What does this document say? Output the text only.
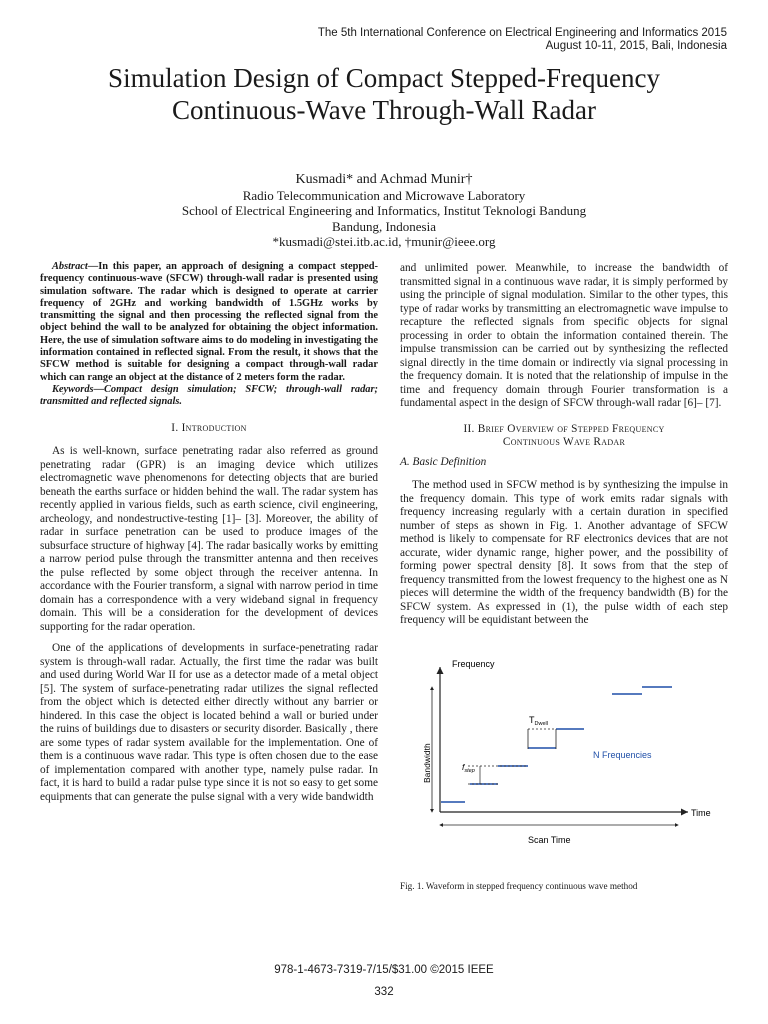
The 5th International Conference on Electrical Engineering and Informatics 2015
August 10-11, 2015, Bali, Indonesia
Simulation Design of Compact Stepped-Frequency
Continuous-Wave Through-Wall Radar
Kusmadi* and Achmad Munir†
Radio Telecommunication and Microwave Laboratory
School of Electrical Engineering and Informatics, Institut Teknologi Bandung
Bandung, Indonesia
*kusmadi@stei.itb.ac.id, †munir@ieee.org

Abstract—In this paper, an approach of designing a compact stepped-frequency continuous-wave (SFCW) through-wall radar is presented using simulation software. The radar which is designed to operate at carrier frequency of 2GHz and working bandwidth of 1.5GHz works by transmitting the signal and then processing the reflected signal from the object behind the wall to be analyzed for obtaining the object information. Here, the use of simulation software aims to do modeling in investigating the information contained in reflected signal. From the result, it shows that the SFCW method is suitable for designing a compact through-wall radar which can range an object at the distance of 2 meters form the radar.

Keywords—Compact design simulation; SFCW; through-wall radar; transmitted and reflected signals.

I. Introduction

As is well-known, surface penetrating radar also referred as ground penetrating radar (GPR) is an imaging device which utilizes electromagnetic wave phenomenons for detecting objects that are buried beneath the earths surface or hidden behind the wall. The radar system has recently applied in various fields, such as earth science, civil engineering, archeology, and nondestructive-testing [1]– [3]. Moreover, the ability of radar in surface penetration can be used to produce images of the subsurface structure of highway [4]. The radar basically works by emitting a narrow period pulse through the transmitter antenna and then receives the pulse reflected by some object through the receiver antenna. In accordance with the Fourier transform, a signal with narrow period in time domain has a correspondence with a very wideband signal in frequency domain. This will be a consideration for the development of devices supporting for the radar operation.

One of the applications of developments in surface-penetrating radar system is through-wall radar. Actually, the first time the radar was built and used during World War II for use as a detector made of a metal object [5]. The system of surface-penetrating radar utilizes the signal reflected from the object which is detected either directly without any barrier or hindered. In this case the object is located behind a wall or buried under the ruins of buildings due to disasters or security disorder. Basically , there are some types of radar system available for the implementation. One of them is a continuous wave radar. This type is often chosen due to the ease of implementation compared with another type, namely pulse radar. In fact, it is hard to build a radar pulse type since it is not so easy to get some equipments that can generate the pulse signal with a very wide bandwidth

and unlimited power. Meanwhile, to increase the bandwidth of transmitted signal in a continuous wave radar, it is simply performed by using the principle of signal modulation. Similar to the other types, this type of radar works by transmitting an electromagnetic wave impulse to recapture the reflected signals from specific objects for signal processing in order to obtain the information contained therein. The impulse transmission can be carried out by synthesizing the reflected signal directly in the time domain or indirectly via signal processing in the frequency domain. It is noted that the relationship of impulse in the time and frequency domain through Fourier transformation is a fundamental aspect in the design of SFCW through-wall radar [6]– [7].

II. Brief Overview of Stepped Frequency
Continuous Wave Radar
A. Basic Definition

The method used in SFCW method is by synthesizing the impulse in the frequency domain. This type of work emits radar signals with frequency increasing regularly with a certain duration in specified number of steps as shown in Fig. 1. Another advantage of SFCW method is likely to compensate for RF electronics devices that are not accurate, wider dynamic range, higher power, and the possibility of forming power spectral density [8]. It sows from that the step of frequency transmitted from the lowest frequency to the highest one as N pieces will determine the width of the frequency bandwidth (B) for the SFCW system. As expressed in (1), the pulse width of each step frequency will be equidistant between the

Frequency
Time
Bandwidth
Scan Time
$T_{Dwell}$
$f_{step}$
N Frequencies
Fig. 1. Waveform in stepped frequency continuous wave method
978-1-4673-7319-7/15/$31.00 ©2015 IEEE
332
